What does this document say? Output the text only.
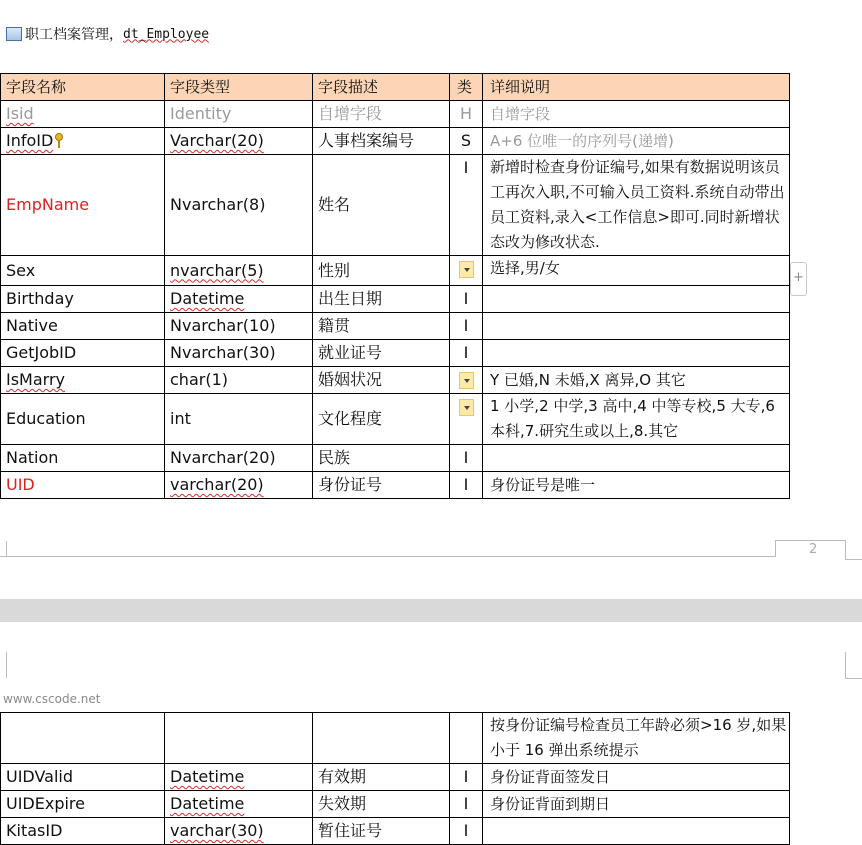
职工档案管理， dt_Employee
字段名称	字段类型	字段描述	类	详细说明
Isid	Identity	自增字段	H	自增字段
InfoID	Varchar(20)	人事档案编号	S	A+6 位唯一的序列号(递增)
EmpName	Nvarchar(8)	姓名	I	新增时检查身份证编号,如果有数据说明该员工再次入职,不可输入员工资料.系统自动带出员工资料,录入<工作信息>即可.同时新增状态改为修改状态.
Sex	nvarchar(5)	性别		选择,男/女
Birthday	Datetime	出生日期	I	
Native	Nvarchar(10)	籍贯	I	
GetJobID	Nvarchar(30)	就业证号	I	
IsMarry	char(1)	婚姻状况		Y 已婚,N 未婚,X 离异,O 其它
Education	int	文化程度		1 小学,2 中学,3 高中,4 中等专校,5 大专,6 本科,7.研究生或以上,8.其它
Nation	Nvarchar(20)	民族	I	
UID	varchar(20)	身份证号	I	身份证号是唯一
+
2
www.cscode.net
				按身份证编号检查员工年龄必须>16 岁,如果小于 16 弹出系统提示
UIDValid	Datetime	有效期	I	身份证背面签发日
UIDExpire	Datetime	失效期	I	身份证背面到期日
KitasID	varchar(30)	暂住证号	I	
